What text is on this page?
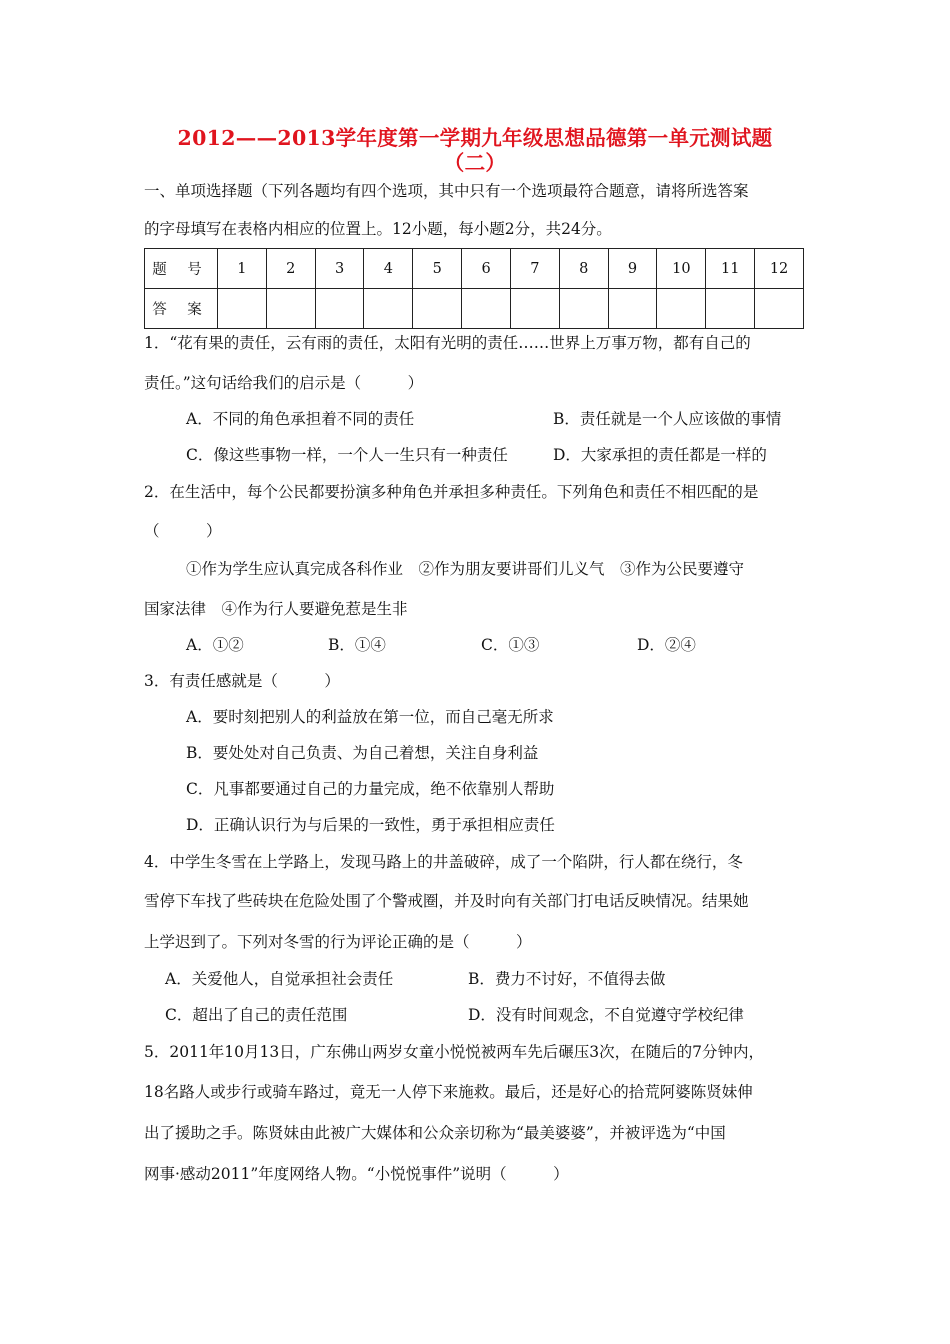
2012——2013学年度第一学期九年级思想品德第一单元测试题
（二）

一、单项选择题（下列各题均有四个选项，其中只有一个选项最符合题意，请将所选答案

的字母填写在表格内相应的位置上。12小题，每小题2分，共24分。

题 号	1	2	3	4	5	6	7	8	9	10	11	12
答 案												

1．“花有果的责任，云有雨的责任，太阳有光明的责任……世界上万事万物，都有自己的

责任。”这句话给我们的启示是（　　　）

A．不同的角色承担着不同的责任	B．责任就是一个人应该做的事情

C．像这些事物一样，一个人一生只有一种责任	D．大家承担的责任都是一样的

2．在生活中，每个公民都要扮演多种角色并承担多种责任。下列角色和责任不相匹配的是

（　　　）

①作为学生应认真完成各科作业　②作为朋友要讲哥们儿义气　③作为公民要遵守

国家法律　④作为行人要避免惹是生非

A．①②	B．①④	C．①③	D．②④

3．有责任感就是（　　　）

A．要时刻把别人的利益放在第一位，而自己毫无所求

B．要处处对自己负责、为自己着想，关注自身利益

C．凡事都要通过自己的力量完成，绝不依靠别人帮助

D．正确认识行为与后果的一致性，勇于承担相应责任

4．中学生冬雪在上学路上，发现马路上的井盖破碎，成了一个陷阱，行人都在绕行，冬

雪停下车找了些砖块在危险处围了个警戒圈，并及时向有关部门打电话反映情况。结果她

上学迟到了。下列对冬雪的行为评论正确的是（　　　）

A．关爱他人，自觉承担社会责任	B．费力不讨好，不值得去做

C．超出了自己的责任范围	D．没有时间观念，不自觉遵守学校纪律

5．2011年10月13日，广东佛山两岁女童小悦悦被两车先后碾压3次，在随后的7分钟内，

18名路人或步行或骑车路过，竟无一人停下来施救。最后，还是好心的拾荒阿婆陈贤妹伸

出了援助之手。陈贤妹由此被广大媒体和公众亲切称为“最美婆婆”，并被评选为“中国

网事·感动2011”年度网络人物。“小悦悦事件”说明（　　　）
